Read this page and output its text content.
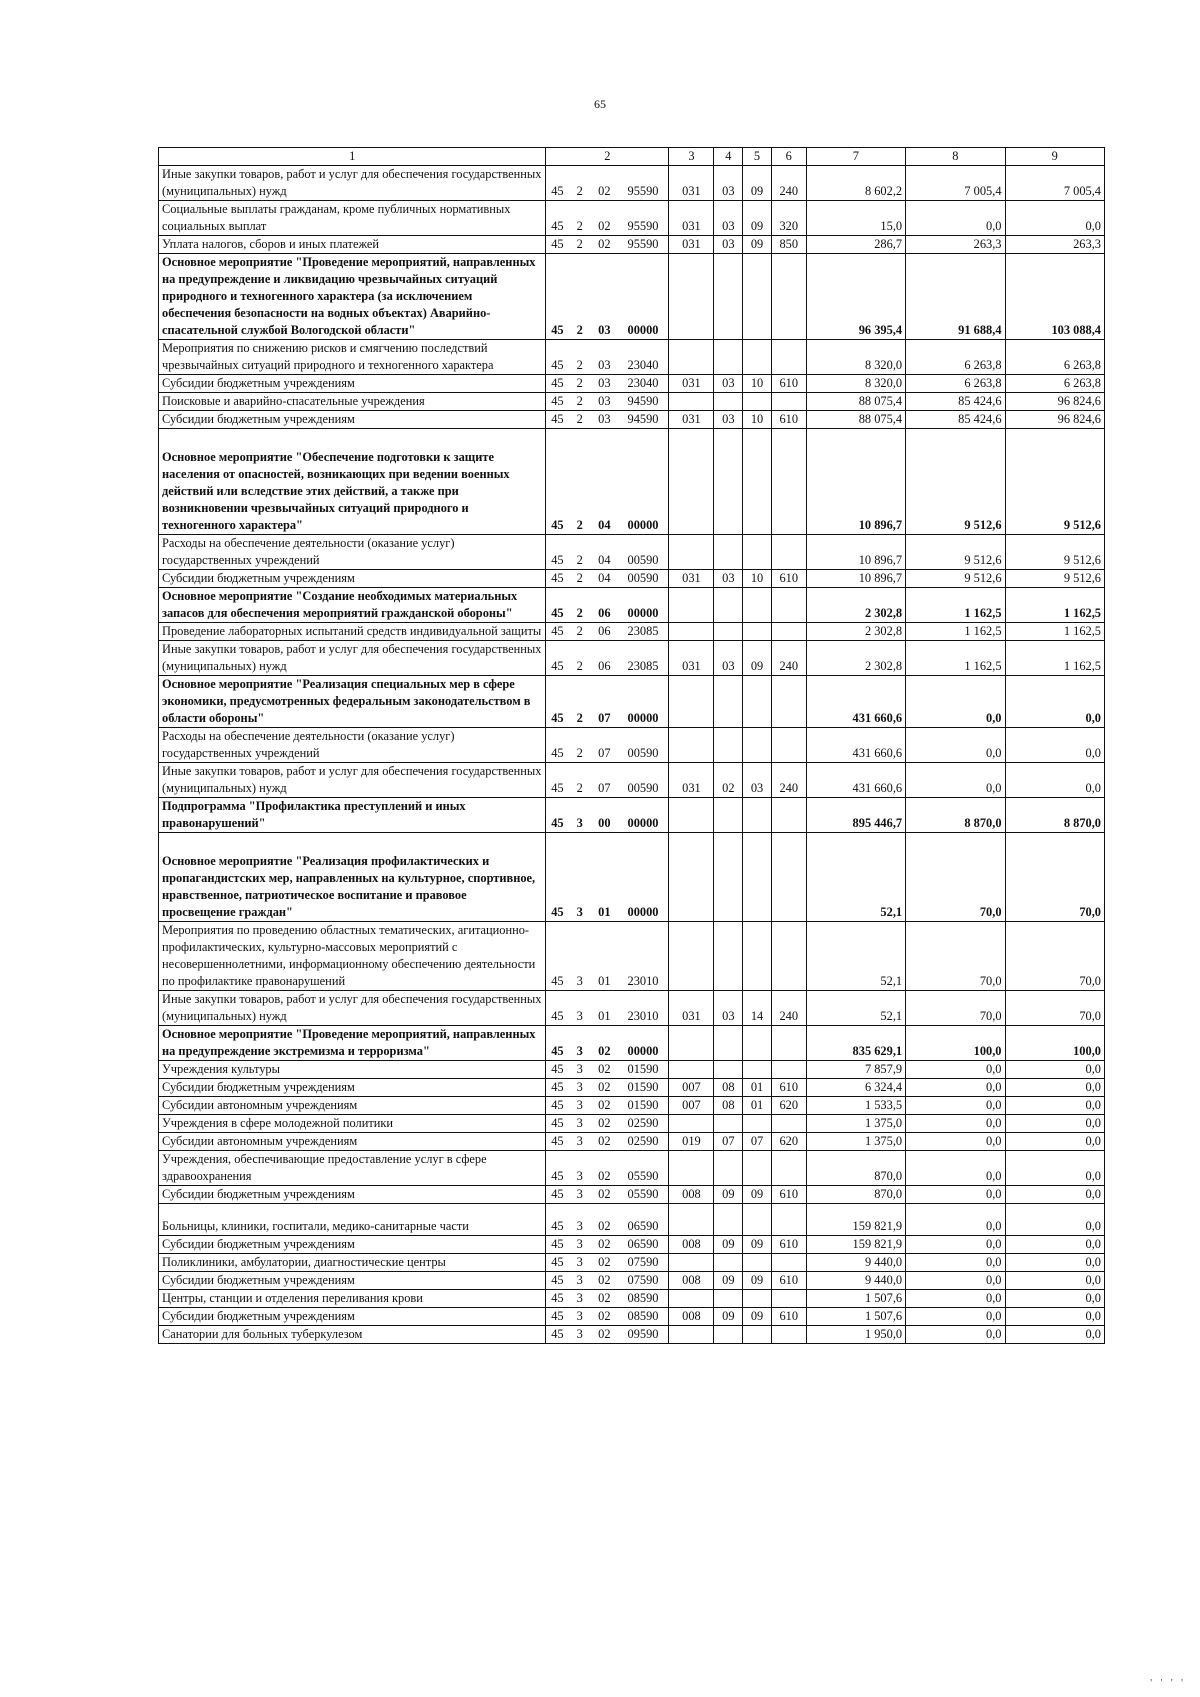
65
1	2				3	4	5	6	7	8	9
Иные закупки товаров, работ и услуг для обеспечения государственных (муниципальных) нужд	45	2	02	95590	031	03	09	240	8 602,2	7 005,4	7 005,4
Социальные выплаты гражданам, кроме публичных нормативных социальных выплат	45	2	02	95590	031	03	09	320	15,0	0,0	0,0
Уплата налогов, сборов и иных платежей	45	2	02	95590	031	03	09	850	286,7	263,3	263,3
Основное мероприятие "Проведение мероприятий, направленных на предупреждение и ликвидацию чрезвычайных ситуаций природного и техногенного характера (за исключением обеспечения безопасности на водных объектах) Аварийно-спасательной службой Вологодской области"	45	2	03	00000					96 395,4	91 688,4	103 088,4
Мероприятия по снижению рисков и смягчению последствий чрезвычайных ситуаций природного и техногенного характера	45	2	03	23040					8 320,0	6 263,8	6 263,8
Субсидии бюджетным учреждениям	45	2	03	23040	031	03	10	610	8 320,0	6 263,8	6 263,8
Поисковые и аварийно-спасательные учреждения	45	2	03	94590					88 075,4	85 424,6	96 824,6
Субсидии бюджетным учреждениям	45	2	03	94590	031	03	10	610	88 075,4	85 424,6	96 824,6
Основное мероприятие "Обеспечение подготовки к защите населения от опасностей, возникающих при ведении военных действий или вследствие этих действий, а также при возникновении чрезвычайных ситуаций природного и техногенного характера"	45	2	04	00000					10 896,7	9 512,6	9 512,6
Расходы на обеспечение деятельности (оказание услуг) государственных учреждений	45	2	04	00590					10 896,7	9 512,6	9 512,6
Субсидии бюджетным учреждениям	45	2	04	00590	031	03	10	610	10 896,7	9 512,6	9 512,6
Основное мероприятие "Создание необходимых материальных запасов для обеспечения мероприятий гражданской обороны"	45	2	06	00000					2 302,8	1 162,5	1 162,5
Проведение лабораторных испытаний средств индивидуальной защиты	45	2	06	23085					2 302,8	1 162,5	1 162,5
Иные закупки товаров, работ и услуг для обеспечения государственных (муниципальных) нужд	45	2	06	23085	031	03	09	240	2 302,8	1 162,5	1 162,5
Основное мероприятие "Реализация специальных мер в сфере экономики, предусмотренных федеральным законодательством в области обороны"	45	2	07	00000					431 660,6	0,0	0,0
Расходы на обеспечение деятельности (оказание услуг) государственных учреждений	45	2	07	00590					431 660,6	0,0	0,0
Иные закупки товаров, работ и услуг для обеспечения государственных (муниципальных) нужд	45	2	07	00590	031	02	03	240	431 660,6	0,0	0,0
Подпрограмма "Профилактика преступлений и иных правонарушений"	45	3	00	00000					895 446,7	8 870,0	8 870,0
Основное мероприятие "Реализация профилактических и пропагандистских мер, направленных на культурное, спортивное, нравственное, патриотическое воспитание и правовое просвещение граждан"	45	3	01	00000					52,1	70,0	70,0
Мероприятия по проведению областных тематических, агитационно-профилактических, культурно-массовых мероприятий с несовершеннолетними, информационному обеспечению деятельности по профилактике правонарушений	45	3	01	23010					52,1	70,0	70,0
Иные закупки товаров, работ и услуг для обеспечения государственных (муниципальных) нужд	45	3	01	23010	031	03	14	240	52,1	70,0	70,0
Основное мероприятие "Проведение мероприятий, направленных на предупреждение экстремизма и терроризма"	45	3	02	00000					835 629,1	100,0	100,0
Учреждения культуры	45	3	02	01590					7 857,9	0,0	0,0
Субсидии бюджетным учреждениям	45	3	02	01590	007	08	01	610	6 324,4	0,0	0,0
Субсидии автономным учреждениям	45	3	02	01590	007	08	01	620	1 533,5	0,0	0,0
Учреждения в сфере молодежной политики	45	3	02	02590					1 375,0	0,0	0,0
Субсидии автономным учреждениям	45	3	02	02590	019	07	07	620	1 375,0	0,0	0,0
Учреждения, обеспечивающие предоставление услуг в сфере здравоохранения	45	3	02	05590					870,0	0,0	0,0
Субсидии бюджетным учреждениям	45	3	02	05590	008	09	09	610	870,0	0,0	0,0
Больницы, клиники, госпитали, медико-санитарные части	45	3	02	06590					159 821,9	0,0	0,0
Субсидии бюджетным учреждениям	45	3	02	06590	008	09	09	610	159 821,9	0,0	0,0
Поликлиники, амбулатории, диагностические центры	45	3	02	07590					9 440,0	0,0	0,0
Субсидии бюджетным учреждениям	45	3	02	07590	008	09	09	610	9 440,0	0,0	0,0
Центры, станции и отделения переливания крови	45	3	02	08590					1 507,6	0,0	0,0
Субсидии бюджетным учреждениям	45	3	02	08590	008	09	09	610	1 507,6	0,0	0,0
Санатории для больных туберкулезом	45	3	02	09590					1 950,0	0,0	0,0
' ' ' '
